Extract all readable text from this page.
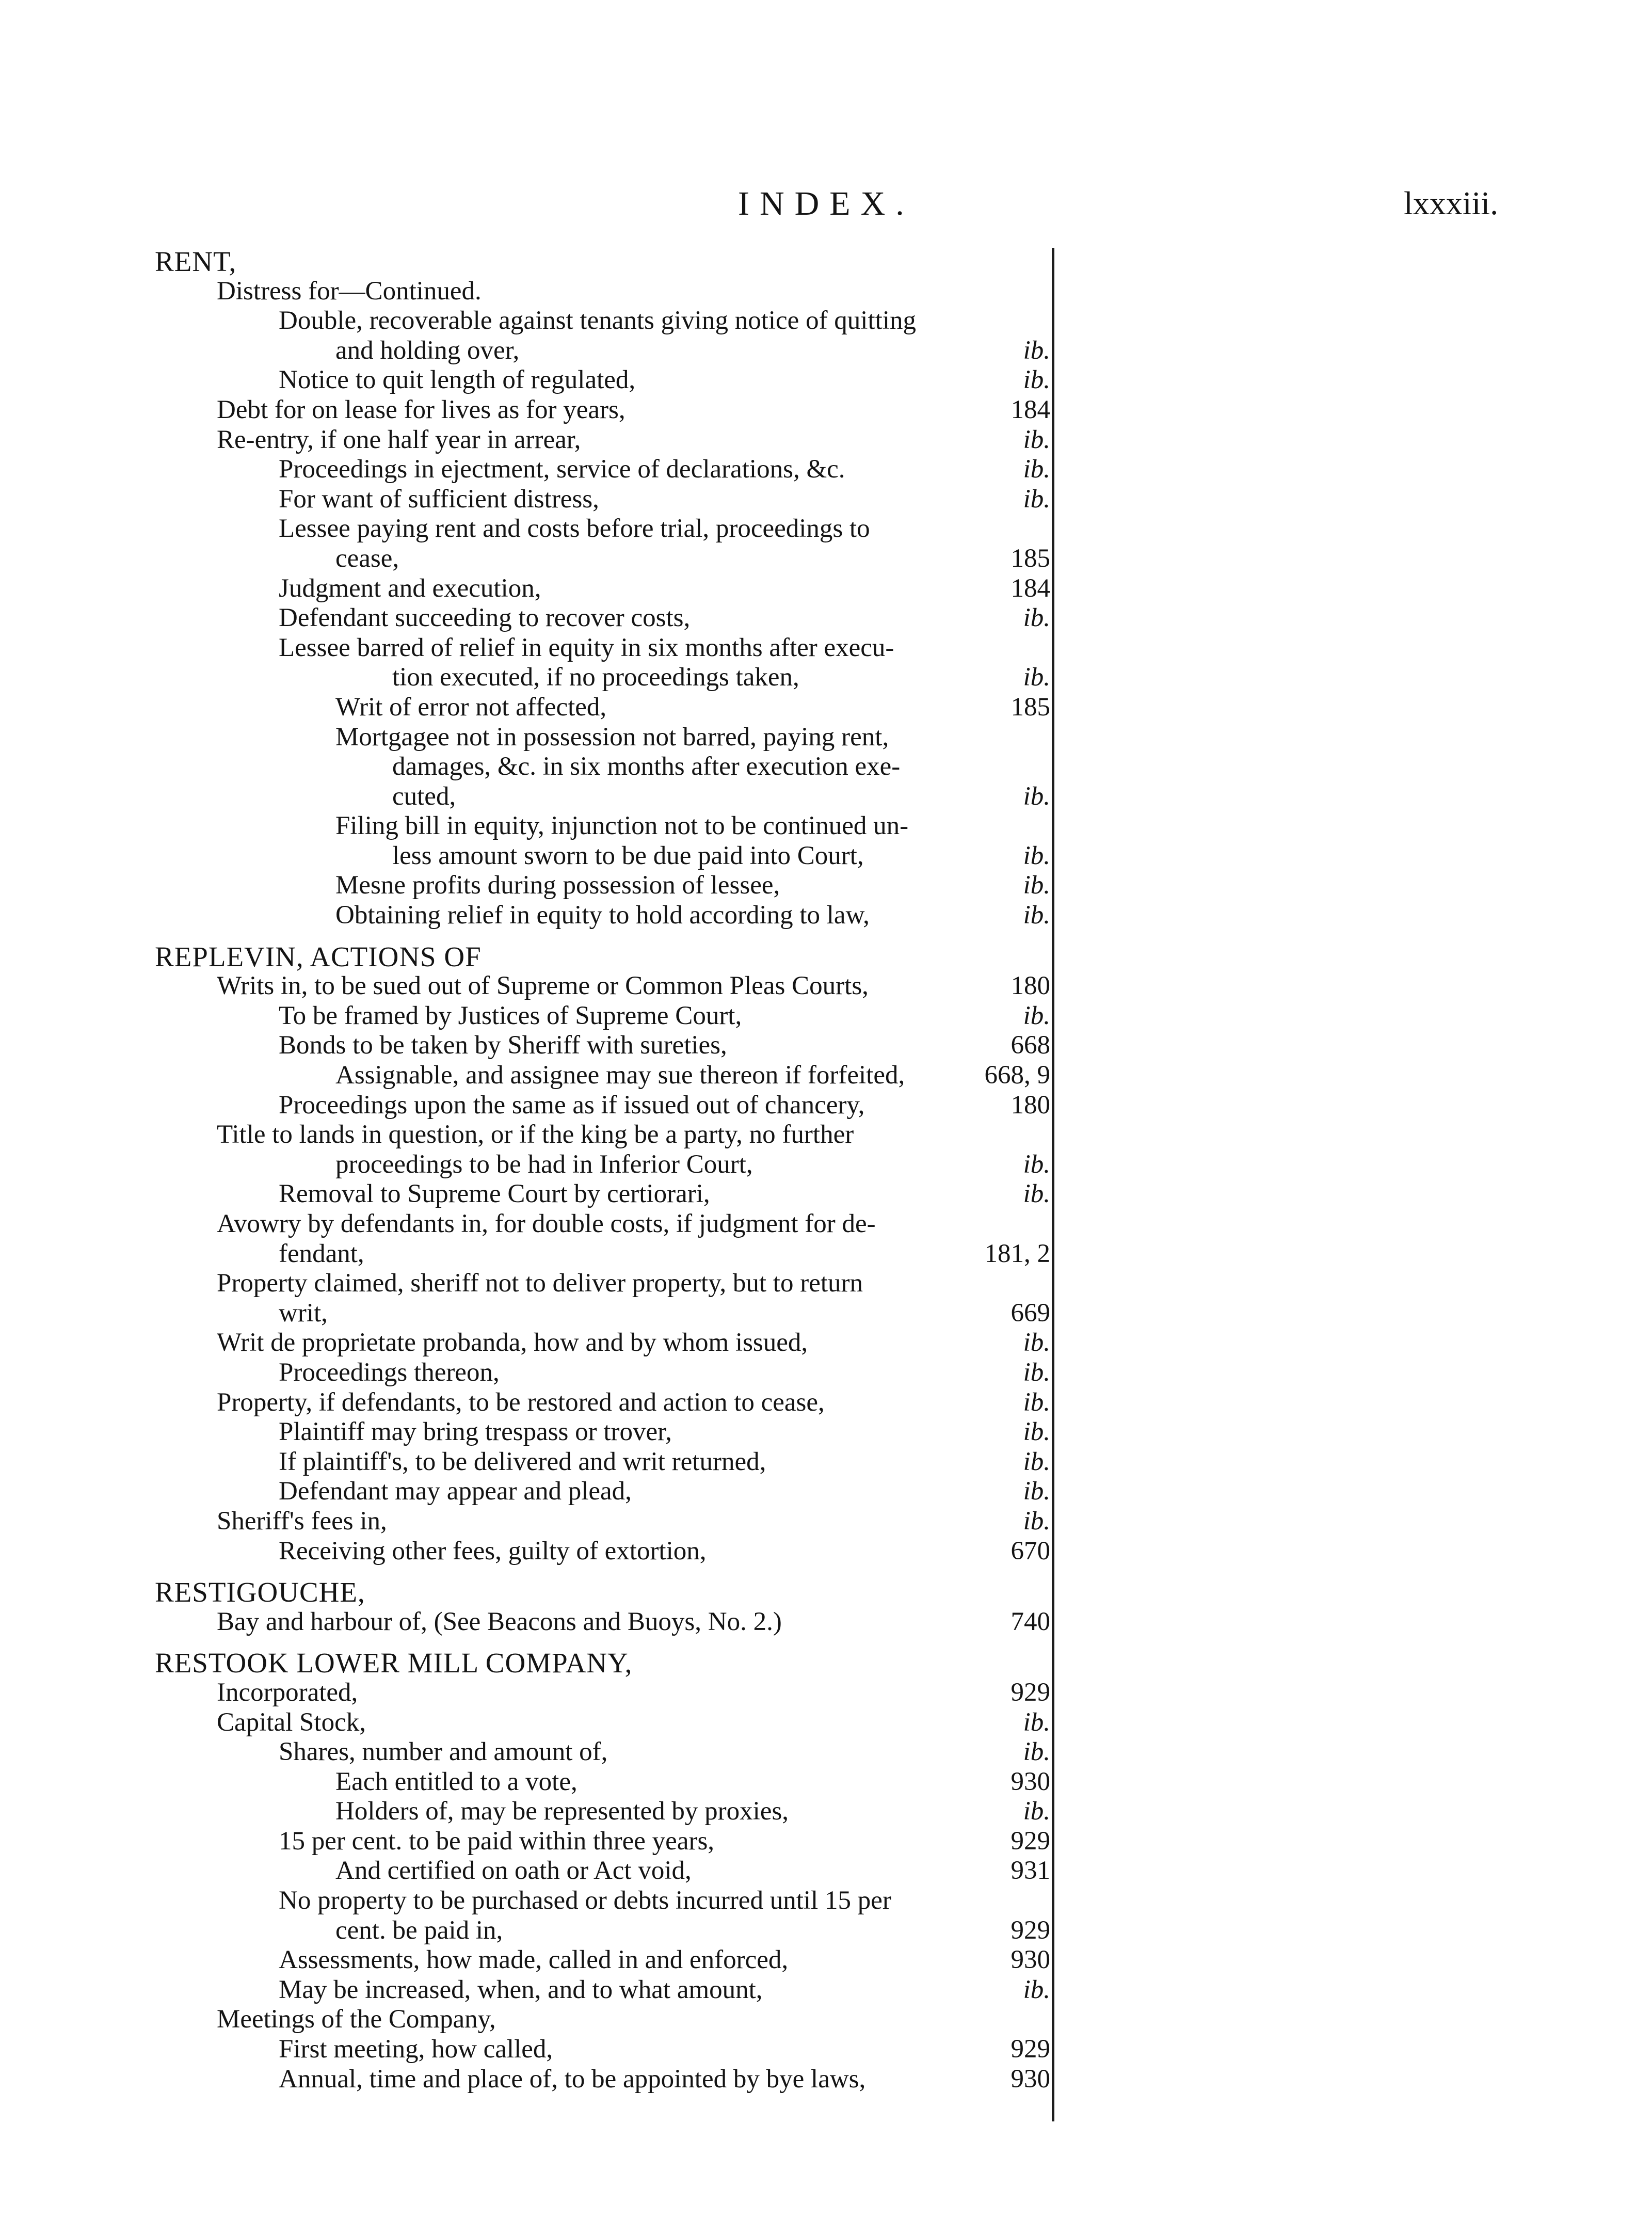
INDEX.	lxxxiii.
RENT,
Distress for—Continued.
Double, recoverable against tenants giving notice of quitting
and holding over,	ib.
Notice to quit length of regulated,	ib.
Debt for on lease for lives as for years,	184
Re-entry, if one half year in arrear,	ib.
Proceedings in ejectment, service of declarations, &c.	ib.
For want of sufficient distress,	ib.
Lessee paying rent and costs before trial, proceedings to
cease,	185
Judgment and execution,	184
Defendant succeeding to recover costs,	ib.
Lessee barred of relief in equity in six months after execu-
tion executed, if no proceedings taken,	ib.
Writ of error not affected,	185
Mortgagee not in possession not barred, paying rent,
damages, &c. in six months after execution exe-
cuted,	ib.
Filing bill in equity, injunction not to be continued un-
less amount sworn to be due paid into Court,	ib.
Mesne profits during possession of lessee,	ib.
Obtaining relief in equity to hold according to law,	ib.
REPLEVIN, ACTIONS OF
Writs in, to be sued out of Supreme or Common Pleas Courts,	180
To be framed by Justices of Supreme Court,	ib.
Bonds to be taken by Sheriff with sureties,	668
Assignable, and assignee may sue thereon if forfeited,	668, 9
Proceedings upon the same as if issued out of chancery,	180
Title to lands in question, or if the king be a party, no further
proceedings to be had in Inferior Court,	ib.
Removal to Supreme Court by certiorari,	ib.
Avowry by defendants in, for double costs, if judgment for de-
fendant,	181, 2
Property claimed, sheriff not to deliver property, but to return
writ,	669
Writ de proprietate probanda, how and by whom issued,	ib.
Proceedings thereon,	ib.
Property, if defendants, to be restored and action to cease,	ib.
Plaintiff may bring trespass or trover,	ib.
If plaintiff's, to be delivered and writ returned,	ib.
Defendant may appear and plead,	ib.
Sheriff's fees in,	ib.
Receiving other fees, guilty of extortion,	670
RESTIGOUCHE,
Bay and harbour of, (See Beacons and Buoys, No. 2.)	740
RESTOOK LOWER MILL COMPANY,
Incorporated,	929
Capital Stock,	ib.
Shares, number and amount of,	ib.
Each entitled to a vote,	930
Holders of, may be represented by proxies,	ib.
15 per cent. to be paid within three years,	929
And certified on oath or Act void,	931
No property to be purchased or debts incurred until 15 per
cent. be paid in,	929
Assessments, how made, called in and enforced,	930
May be increased, when, and to what amount,	ib.
Meetings of the Company,
First meeting, how called,	929
Annual, time and place of, to be appointed by bye laws,	930
